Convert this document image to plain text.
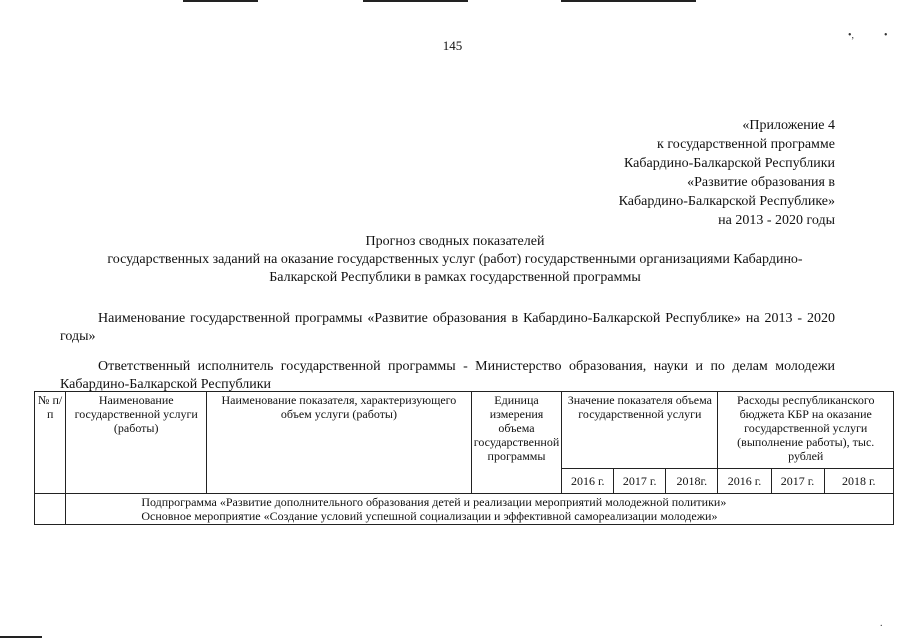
145
•,	•
«Приложение 4
к государственной программе
Кабардино-Балкарской Республики
«Развитие образования в
Кабардино-Балкарской Республике»
на 2013 - 2020 годы
Прогноз сводных показателей
государственных заданий на оказание государственных услуг (работ) государственными организациями Кабардино-
Балкарской Республики в рамках государственной программы
Наименование государственной программы «Развитие образования в Кабардино-Балкарской Республике» на 2013 - 2020 годы»
Ответственный исполнитель государственной программы - Министерство образования, науки и по делам молодежи Кабардино-Балкарской Республики
№ п/п	Наименование государственной услуги (работы)	Наименование показателя, характеризующего объем услуги (работы)	Единица измерения объема государственной программы	Значение показателя объема государственной услуги			Расходы республиканского бюджета КБР на оказание государственной услуги (выполнение работы), тыс. рублей		
				2016 г.	2017 г.	2018г.	2016 г.	2017 г.	2018 г.

	Подпрограмма «Развитие дополнительного образования детей и реализации мероприятий молодежной политики»
Основное мероприятие «Создание условий успешной социализации и эффективной самореализации молодежи»								
.
